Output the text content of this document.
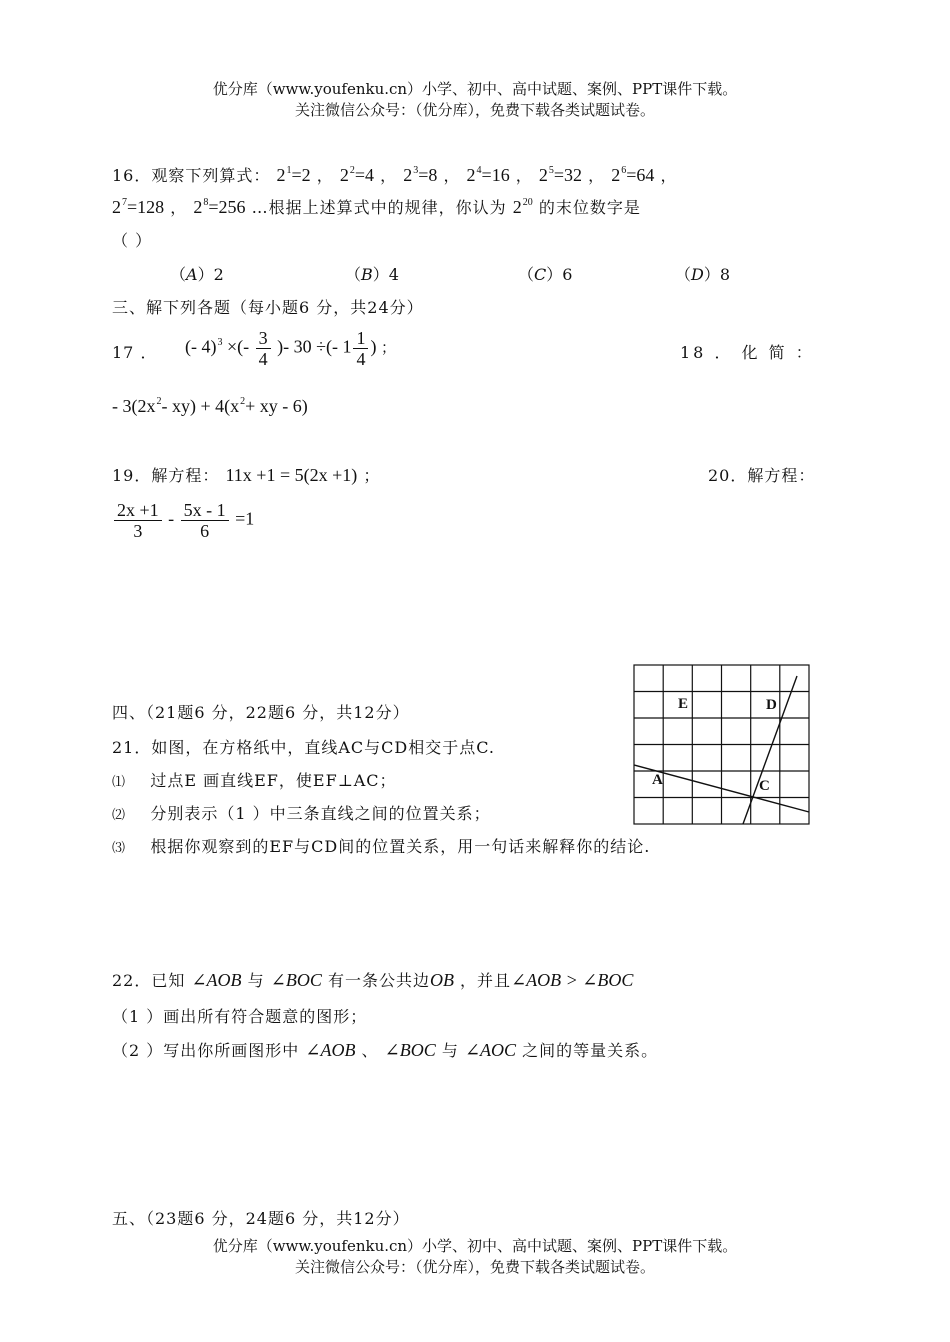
优分库（www.youfenku.cn）小学、初中、高中试题、案例、PPT课件下载。
关注微信公众号：（优分库），免费下载各类试题试卷。
16．观察下列算式： $2^1=2$ ， $2^2=4$ ， $2^3=8$ ， $2^4=16$ ， $2^5=32$ ， $2^6=64$ ，
$2^7=128$ ， $2^8=256$ …根据上述算式中的规律，你认为 $2^{20}$ 的末位数字是
（ ）
（A）2	（B）4	（C）6	（D）8
三、解下列各题（每小题6 分，共24分）
17 ． (- 4)$^3$ ×(- $\frac{3}{4}$ )- 30 ÷(- $1 \frac{1}{4}$ ) ；	18 ． 化 简 ：
- $3(2x^2-$ $xy) + 4(x^2+$ xy - 6)
19．解方程： 11x +1 = 5(2x +1) ；	20．解方程：
$\frac{2x +1}{3} - \frac{5x - 1}{6} =1$
四、（21题6 分，22题6 分，共12分）
21．如图，在方格纸中，直线AC与CD相交于点C.
⑴ 过点E 画直线EF，使EF⊥AC；
⑵ 分别表示（1 ）中三条直线之间的位置关系；
⑶ 根据你观察到的EF与CD间的位置关系，用一句话来解释你的结论.
E	D
A	C
22．已知 ∠AOB 与 ∠BOC 有一条公共边OB ，并且∠AOB > ∠BOC
（1 ）画出所有符合题意的图形；
（2 ）写出你所画图形中 ∠AOB 、 ∠BOC 与 ∠AOC 之间的等量关系。
五、（23题6 分，24题6 分，共12分）
优分库（www.youfenku.cn）小学、初中、高中试题、案例、PPT课件下载。
关注微信公众号：（优分库），免费下载各类试题试卷。
